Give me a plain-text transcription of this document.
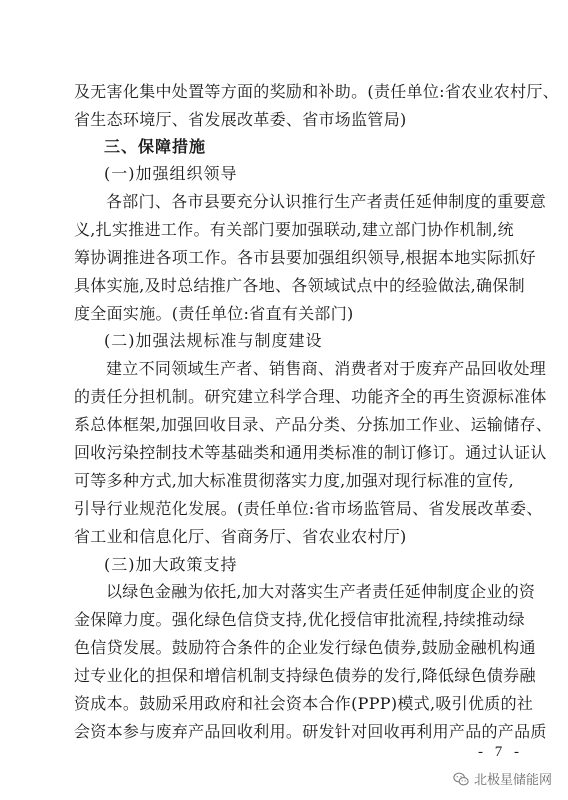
及无害化集中处置等方面的奖励和补助。(责任单位:省农业农村厅、
省生态环境厅、省发展改革委、省市场监管局)
三、保障措施
(一)加强组织领导
各部门、各市县要充分认识推行生产者责任延伸制度的重要意
义,扎实推进工作。有关部门要加强联动,建立部门协作机制,统
筹协调推进各项工作。各市县要加强组织领导,根据本地实际抓好
具体实施,及时总结推广各地、各领域试点中的经验做法,确保制
度全面实施。(责任单位:省直有关部门)
(二)加强法规标准与制度建设
建立不同领域生产者、销售商、消费者对于废弃产品回收处理
的责任分担机制。研究建立科学合理、功能齐全的再生资源标准体
系总体框架,加强回收目录、产品分类、分拣加工作业、运输储存、
回收污染控制技术等基础类和通用类标准的制订修订。通过认证认
可等多种方式,加大标准贯彻落实力度,加强对现行标准的宣传,
引导行业规范化发展。(责任单位:省市场监管局、省发展改革委、
省工业和信息化厅、省商务厅、省农业农村厅)
(三)加大政策支持
以绿色金融为依托,加大对落实生产者责任延伸制度企业的资
金保障力度。强化绿色信贷支持,优化授信审批流程,持续推动绿
色信贷发展。鼓励符合条件的企业发行绿色债券,鼓励金融机构通
过专业化的担保和增信机制支持绿色债券的发行,降低绿色债券融
资成本。鼓励采用政府和社会资本合作(PPP)模式,吸引优质的社
会资本参与废弃产品回收利用。研发针对回收再利用产品的产品质
- 7 -
北极星储能网
